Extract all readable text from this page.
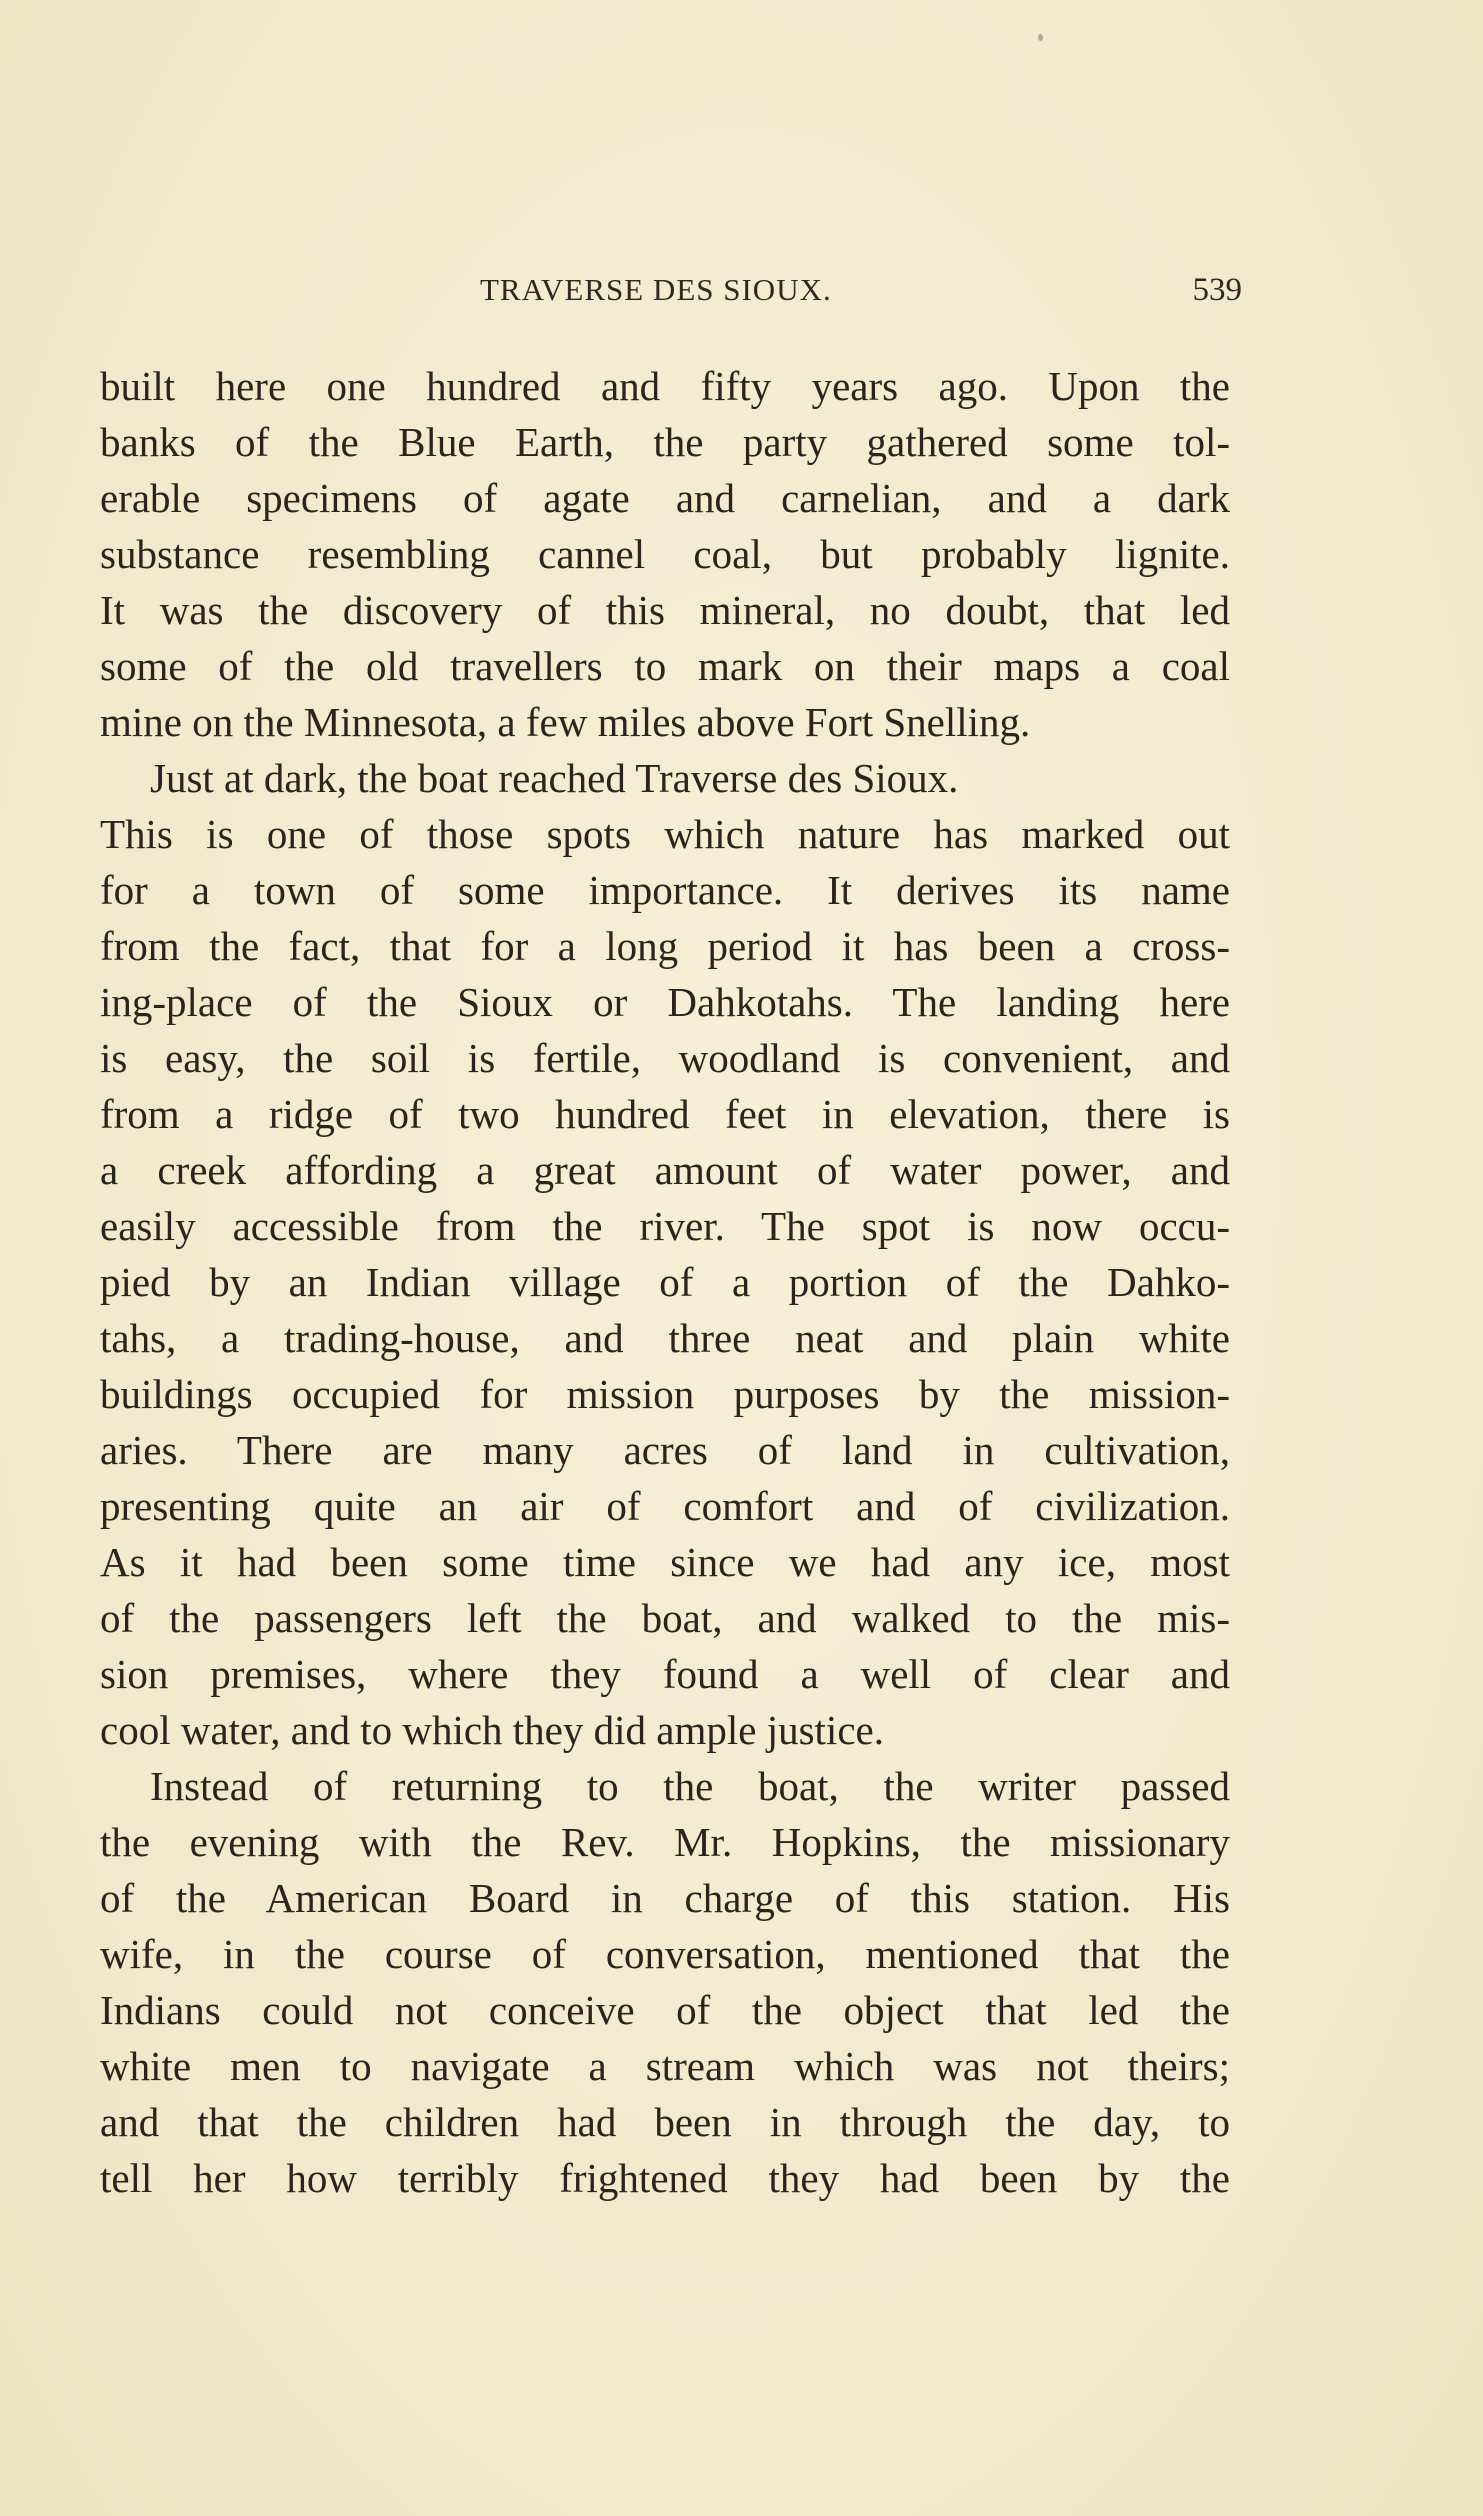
TRAVERSE DES SIOUX.	539
built here one hundred and fifty years ago. Upon the
banks of the Blue Earth, the party gathered some tol-
erable specimens of agate and carnelian, and a dark
substance resembling cannel coal, but probably lignite.
It was the discovery of this mineral, no doubt, that led
some of the old travellers to mark on their maps a coal
mine on the Minnesota, a few miles above Fort Snelling.
Just at dark, the boat reached Traverse des Sioux.
This is one of those spots which nature has marked out
for a town of some importance. It derives its name
from the fact, that for a long period it has been a cross-
ing-place of the Sioux or Dahkotahs. The landing here
is easy, the soil is fertile, woodland is convenient, and
from a ridge of two hundred feet in elevation, there is
a creek affording a great amount of water power, and
easily accessible from the river. The spot is now occu-
pied by an Indian village of a portion of the Dahko-
tahs, a trading-house, and three neat and plain white
buildings occupied for mission purposes by the mission-
aries. There are many acres of land in cultivation,
presenting quite an air of comfort and of civilization.
As it had been some time since we had any ice, most
of the passengers left the boat, and walked to the mis-
sion premises, where they found a well of clear and
cool water, and to which they did ample justice.
Instead of returning to the boat, the writer passed
the evening with the Rev. Mr. Hopkins, the missionary
of the American Board in charge of this station. His
wife, in the course of conversation, mentioned that the
Indians could not conceive of the object that led the
white men to navigate a stream which was not theirs;
and that the children had been in through the day, to
tell her how terribly frightened they had been by the
